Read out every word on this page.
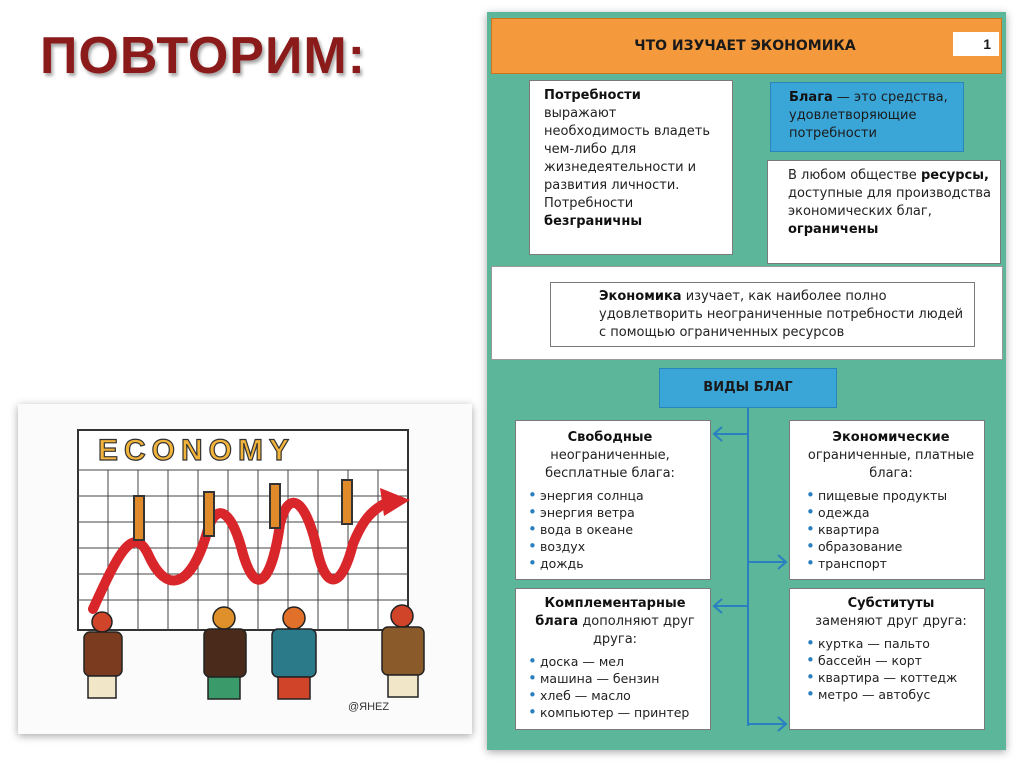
ПОВТОРИМ:
ECONOMY
@ЯHEZ
ЧТО ИЗУЧАЕТ ЭКОНОМИКА	1
Потребности
выражают необходимость владеть чем-либо для жизнедеятельности и развития личности.
Потребности
безграничны
Блага — это средства, удовлетворяющие потребности
В любом обществе ресурсы, доступные для производства экономических благ, ограничены
Экономика изучает, как наиболее полно удовлетворить неограниченные потребности людей с помощью ограниченных ресурсов
ВИДЫ БЛАГ
Свободные
неограниченные, бесплатные блага:
• энергия солнца
• энергия ветра
• вода в океане
• воздух
• дождь
Экономические
ограниченные, платные блага:
• пищевые продукты
• одежда
• квартира
• образование
• транспорт
Комплементарные блага дополняют друг друга:
• доска — мел
• машина — бензин
• хлеб — масло
• компьютер — принтер
Субституты
заменяют друг друга:
• куртка — пальто
• бассейн — корт
• квартира — коттедж
• метро — автобус
